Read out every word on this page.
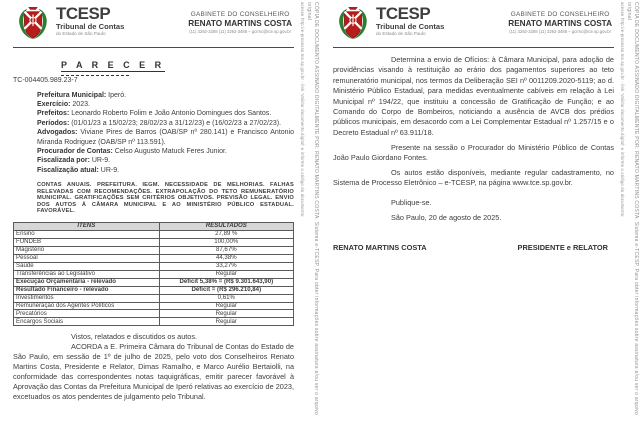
TCESP
Tribunal de Contas
do Estado de São Paulo
GABINETE DO CONSELHEIRO
RENATO MARTINS COSTA
(11) 3292-3258 (11) 3292-3488 – gcrmc@tce.sp.gov.br
P A R E C E R
TC-004405.989.23-7

Prefeitura Municipal: Iperó.

Exercício: 2023.

Prefeitos: Leonardo Roberto Folim e João Antonio Domingues dos Santos.

Períodos: (01/01/23 a 15/02/23; 28/02/23 a 31/12/23) e (16/02/23 a 27/02/23).

Advogados: Viviane Pires de Barros (OAB/SP nº 280.141) e Francisco Antonio Miranda Rodriguez (OAB/SP nº 113.591).

Procurador de Contas: Celso Augusto Matuck Feres Junior.

Fiscalizada por: UR-9.

Fiscalização atual: UR-9.

CONTAS ANUAIS. PREFEITURA. IEGM. NECESSIDADE DE MELHORIAS. FALHAS RELEVADAS COM RECOMENDAÇÕES. EXTRAPOLAÇÃO DO TETO REMUNERATÓRIO MUNICIPAL. GRATIFICAÇÕES SEM CRITÉRIOS OBJETIVOS. PREVISÃO LEGAL. ENVIO DOS AUTOS À CÂMARA MUNICIPAL E AO MINISTÉRIO PÚBLICO ESTADUAL. FAVORÁVEL.

ITENS	RESULTADOS
Ensino	27,89 %
FUNDEB	100,00%
Magistério	87,67%
Pessoal	44,38%
Saúde	33,27%
Transferências ao Legislativo	Regular
Execução Orçamentária - relevado	Déficit 5,38% = (R$ 9.301.643,90)
Resultado Financeiro - relevado	Déficit = (R$ 296.210,84)
Investimentos	0,61%
Remuneração dos Agentes Políticos	Regular
Precatórios	Regular
Encargos Sociais	Regular

Vistos, relatados e discutidos os autos.

ACORDA a E. Primeira Câmara do Tribunal de Contas do Estado de São Paulo, em sessão de 1º de julho de 2025, pelo voto dos Conselheiros Renato Martins Costa, Presidente e Relator, Dimas Ramalho, e Marco Aurélio Bertaiolli, na conformidade das correspondentes notas taquigráficas, emitir parecer favorável à Aprovação das Contas da Prefeitura Municipal de Iperó relativas ao exercício de 2023, excetuados os atos pendentes de julgamento pelo Tribunal.	CÓPIA DE DOCUMENTO ASSINADO DIGITALMENTE POR: RENATO MARTINS COSTA. Sistema e-TCESP. Para obter informações sobre assinatura e/ou ver o arquivo original
acesse http://e-processo.tce.sp.gov.br - link 'Validar documento digital' e informe o código do documento:	TCESP
Tribunal de Contas
do Estado de São Paulo
GABINETE DO CONSELHEIRO
RENATO MARTINS COSTA
(11) 3292-3258 (11) 3292-3488 – gcrmc@tce.sp.gov.br

Determina a envio de Ofícios: à Câmara Municipal, para adoção de providências visando à restituição ao erário dos pagamentos superiores ao teto remuneratório municipal, nos termos da Deliberação SEI nº 0011209.2020-5119; ao d. Ministério Público Estadual, para medidas eventualmente cabíveis em relação à Lei Municipal nº 194/22, que instituiu a concessão de Gratificação de Função; e ao Comando do Corpo de Bombeiros, noticiando a ausência de AVCB dos prédios públicos municipais, em desacordo com a Lei Complementar Estadual nº 1.257/15 e o Decreto Estadual nº 63.911/18.

Presente na sessão o Procurador do Ministério Público de Contas João Paulo Giordano Fontes.

Os autos estão disponíveis, mediante regular cadastramento, no Sistema de Processo Eletrônico – e-TCESP, na página www.tce.sp.gov.br.

Publique-se.

São Paulo, 20 de agosto de 2025.

RENATO MARTINS COSTA	PRESIDENTE e RELATOR	CÓPIA DE DOCUMENTO ASSINADO DIGITALMENTE POR: RENATO MARTINS COSTA. Sistema e-TCESP. Para obter informações sobre assinatura e/ou ver o arquivo original
acesse http://e-processo.tce.sp.gov.br - link 'Validar documento digital' e informe o código do documento:
